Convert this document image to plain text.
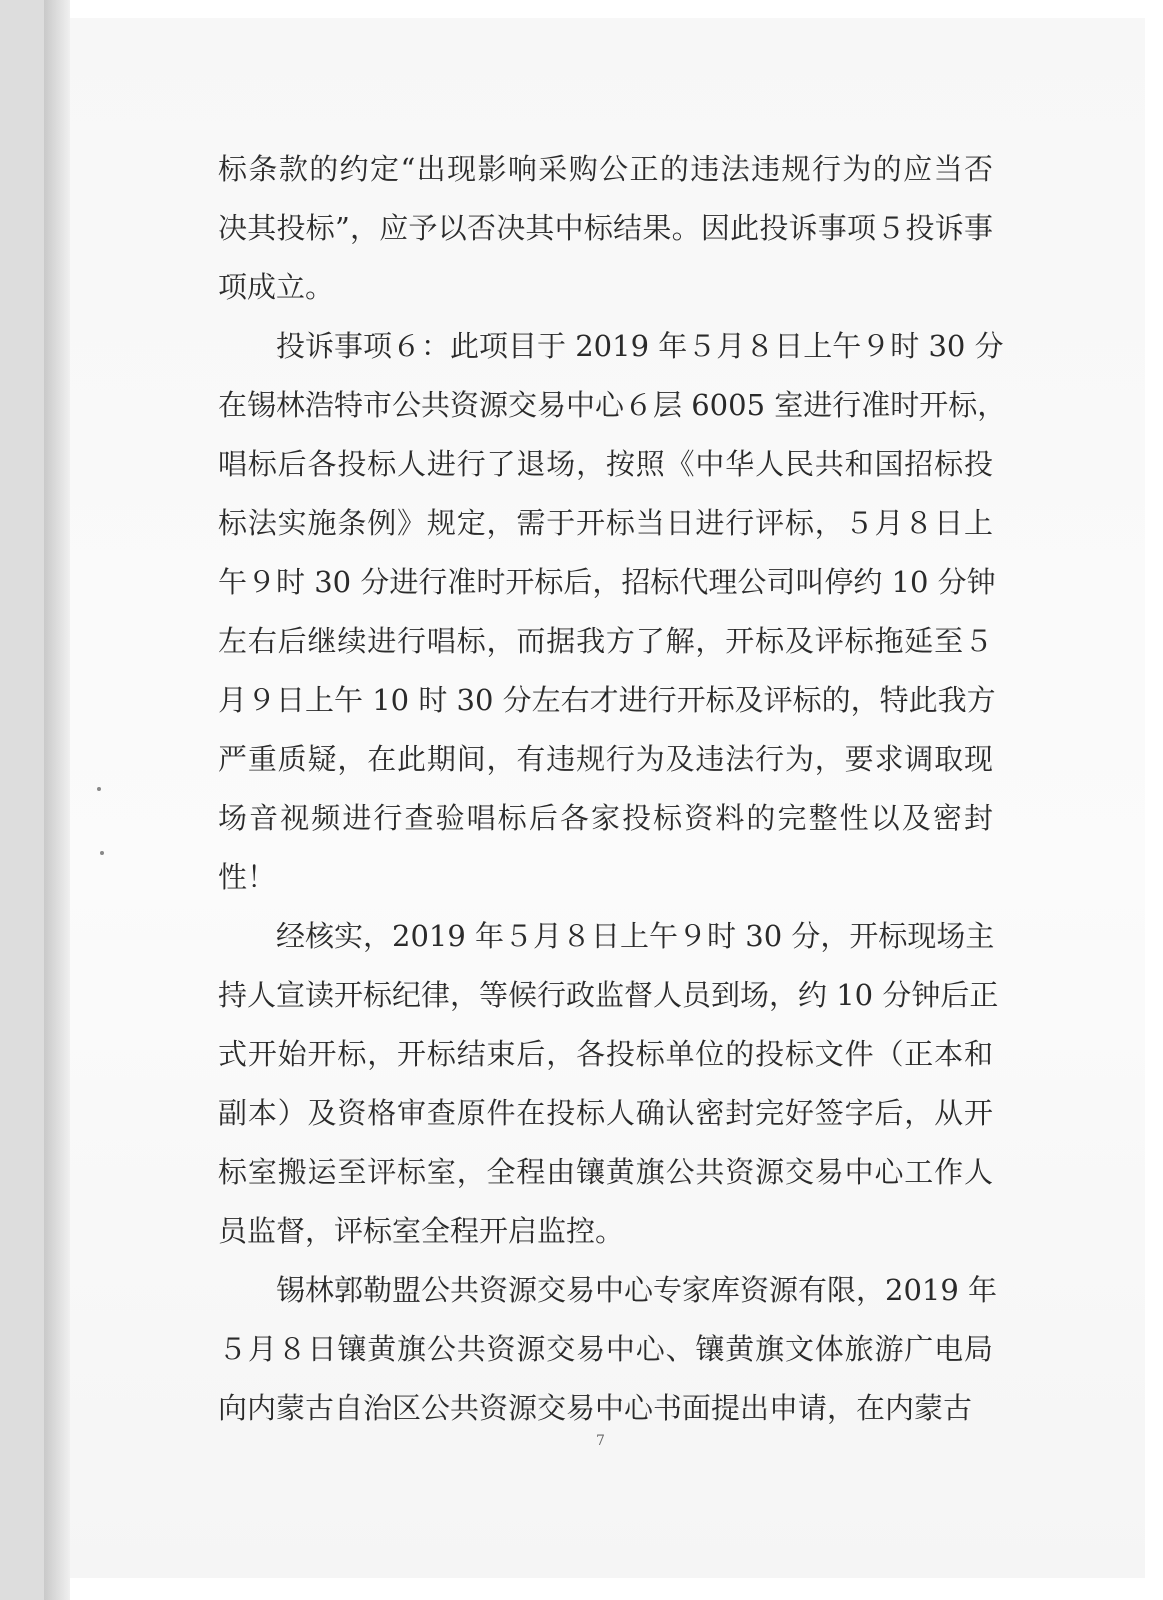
标条款的约定“出现影响采购公正的违法违规行为的应当否
决其投标”，应予以否决其中标结果。因此投诉事项５投诉事
项成立。
投诉事项６：此项目于 2019 年５月８日上午９时 30 分
在锡林浩特市公共资源交易中心６层 6005 室进行准时开标，
唱标后各投标人进行了退场，按照《中华人民共和国招标投
标法实施条例》规定，需于开标当日进行评标，５月８日上
午９时 30 分进行准时开标后，招标代理公司叫停约 10 分钟
左右后继续进行唱标，而据我方了解，开标及评标拖延至５
月９日上午 10 时 30 分左右才进行开标及评标的，特此我方
严重质疑，在此期间，有违规行为及违法行为，要求调取现
场音视频进行查验唱标后各家投标资料的完整性以及密封
性！
经核实，2019 年５月８日上午９时 30 分，开标现场主
持人宣读开标纪律，等候行政监督人员到场，约 10 分钟后正
式开始开标，开标结束后，各投标单位的投标文件（正本和
副本）及资格审查原件在投标人确认密封完好签字后，从开
标室搬运至评标室，全程由镶黄旗公共资源交易中心工作人
员监督，评标室全程开启监控。
锡林郭勒盟公共资源交易中心专家库资源有限，2019 年
５月８日镶黄旗公共资源交易中心、镶黄旗文体旅游广电局
向内蒙古自治区公共资源交易中心书面提出申请，在内蒙古
7
